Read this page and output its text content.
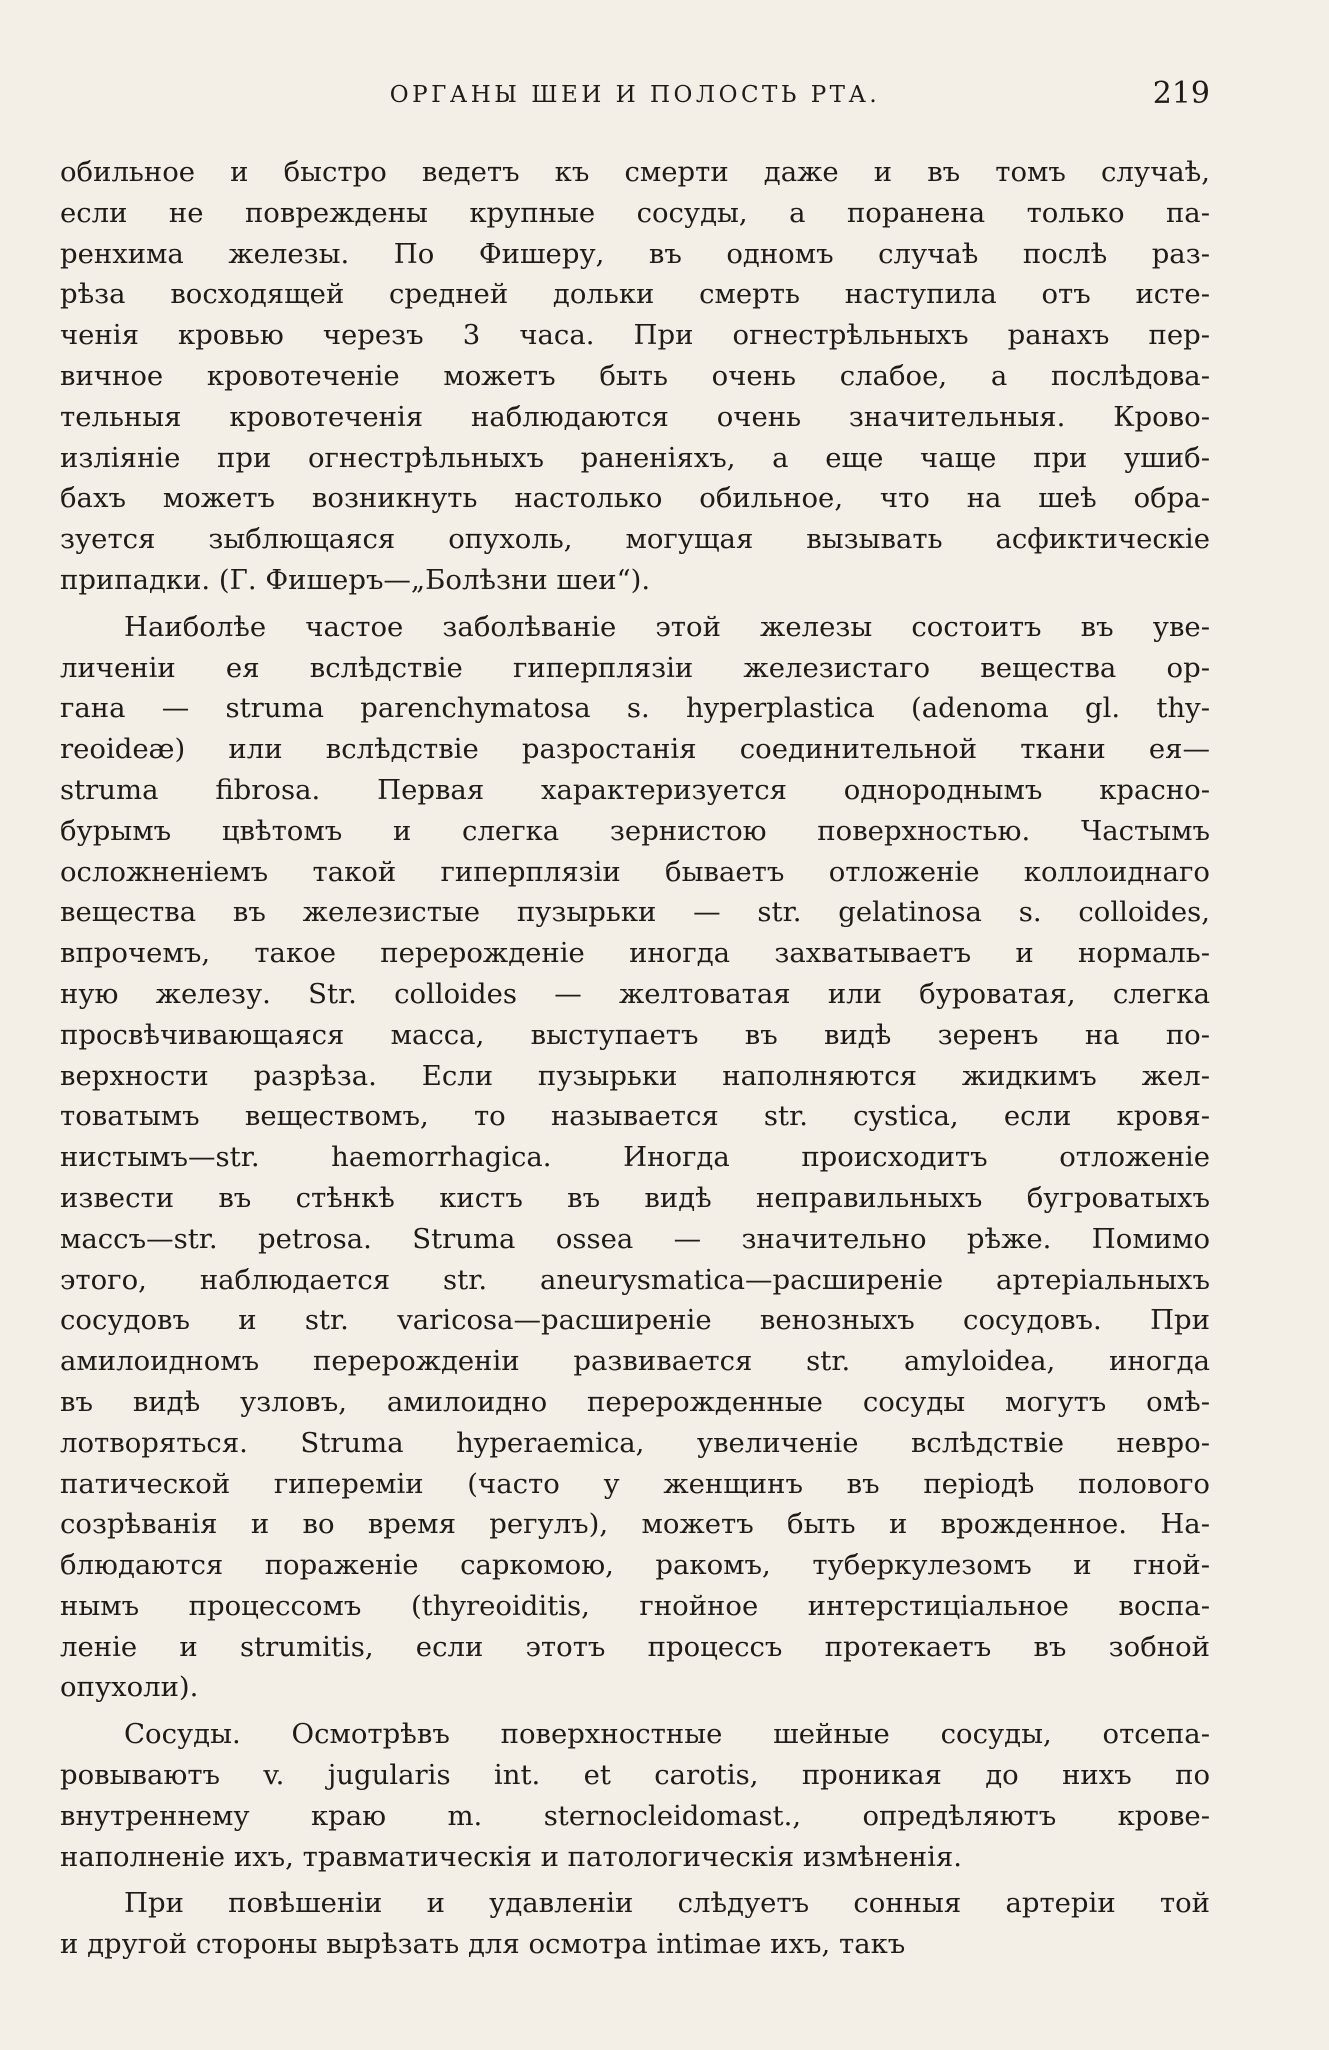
ОРГАНЫ ШЕИ И ПОЛОСТЬ РТА.	219

обильное и быстро ведетъ къ смерти даже и въ томъ случаѣ,

если не повреждены крупные сосуды, а поранена только па-

ренхима железы. По Фишеру, въ одномъ случаѣ послѣ раз-

рѣза восходящей средней дольки смерть наступила отъ исте-

ченія кровью черезъ 3 часа. При огнестрѣльныхъ ранахъ пер-

вичное кровотеченіе можетъ быть очень слабое, а послѣдова-

тельныя кровотеченія наблюдаются очень значительныя. Крово-

изліяніе при огнестрѣльныхъ раненіяхъ, а еще чаще при ушиб-

бахъ можетъ возникнуть настолько обильное, что на шеѣ обра-

зуется зыблющаяся опухоль, могущая вызывать асфиктическіе

припадки. (Г. Фишеръ—„Болѣзни шеи“).

Наиболѣе частое заболѣваніе этой железы состоитъ въ уве-

личеніи ея вслѣдствіе гиперплязіи железистаго вещества ор-

гана — struma parenchymatosa s. hyperplastica (adenoma gl. thy-

reoideæ) или вслѣдствіе разростанія соединительной ткани ея—

struma fibrosa. Первая характеризуется однороднымъ красно-

бурымъ цвѣтомъ и слегка зернистою поверхностью. Частымъ

осложненіемъ такой гиперплязіи бываетъ отложеніе коллоиднаго

вещества въ железистые пузырьки — str. gelatinosa s. colloides,

впрочемъ, такое перерожденіе иногда захватываетъ и нормаль-

ную железу. Str. colloides — желтоватая или буроватая, слегка

просвѣчивающаяся масса, выступаетъ въ видѣ зеренъ на по-

верхности разрѣза. Если пузырьки наполняются жидкимъ жел-

товатымъ веществомъ, то называется str. cystica, если кровя-

нистымъ—str. haemorrhagica. Иногда происходитъ отложеніе

извести въ стѣнкѣ кистъ въ видѣ неправильныхъ бугроватыхъ

массъ—str. petrosa. Struma ossea — значительно рѣже. Помимо

этого, наблюдается str. aneurysmatica—расширеніе артеріальныхъ

сосудовъ и str. varicosa—расширеніе венозныхъ сосудовъ. При

амилоидномъ перерожденіи развивается str. amyloidea, иногда

въ видѣ узловъ, амилоидно перерожденные сосуды могутъ омѣ-

лотворяться. Struma hyperaemica, увеличеніе вслѣдствіе невро-

патической гипереміи (часто у женщинъ въ періодѣ полового

созрѣванія и во время регулъ), можетъ быть и врожденное. На-

блюдаются пораженіе саркомою, ракомъ, туберкулезомъ и гной-

нымъ процессомъ (thyreoiditis, гнойное интерстиціальное воспа-

леніе и strumitis, если этотъ процессъ протекаетъ въ зобной

опухоли).

Сосуды. Осмотрѣвъ поверхностные шейные сосуды, отсепа-

ровываютъ v. jugularis int. et carotis, проникая до нихъ по

внутреннему краю m. sternocleidomast., опредѣляютъ крове-

наполненіе ихъ, травматическія и патологическія измѣненія.

При повѣшеніи и удавленіи слѣдуетъ сонныя артеріи той

и другой стороны вырѣзать для осмотра intimae ихъ, такъ
